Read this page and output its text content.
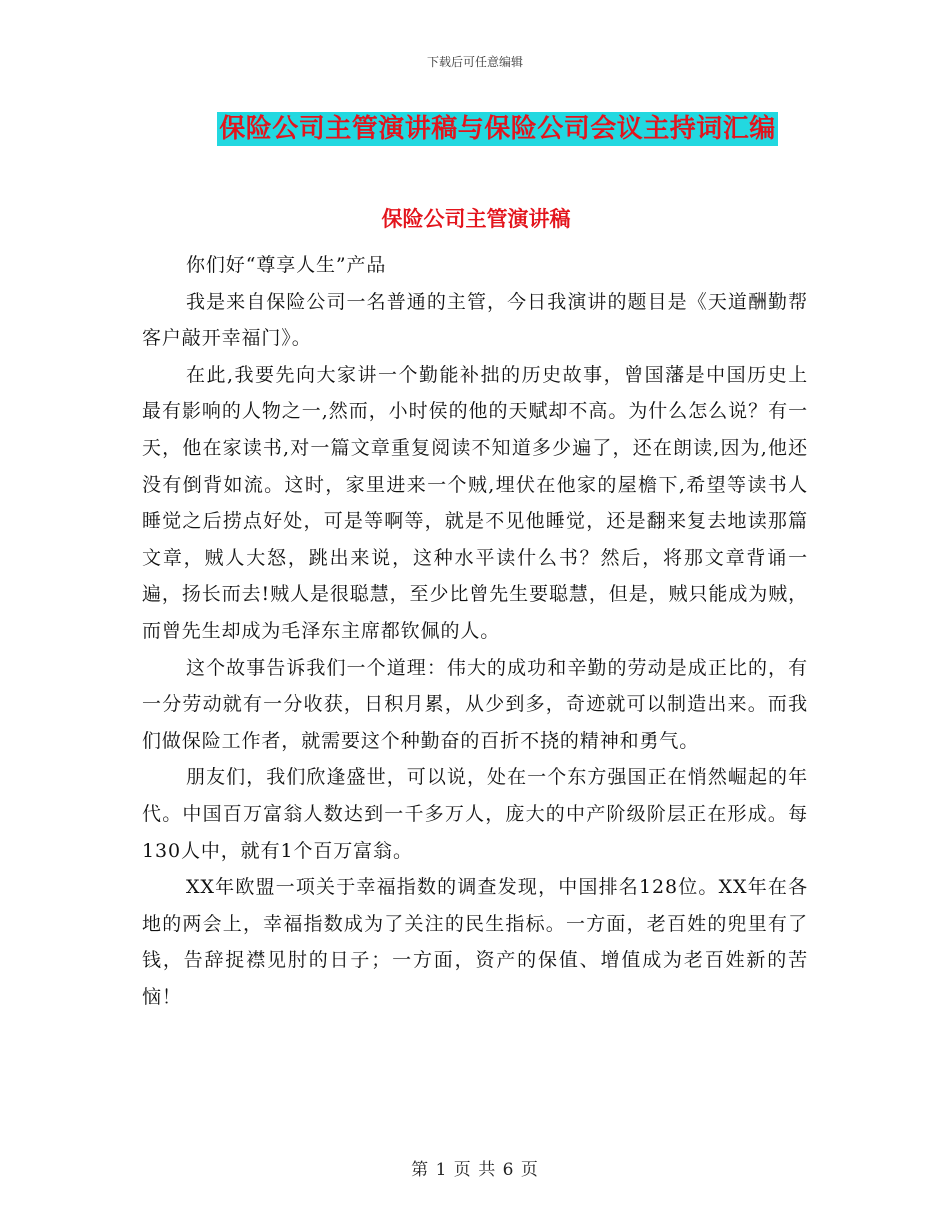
下载后可任意编辑
保险公司主管演讲稿与保险公司会议主持词汇编
保险公司主管演讲稿

你们好“尊享人生”产品

我是来自保险公司一名普通的主管，今日我演讲的题目是《天道酬勤帮客户敲开幸福门》。

在此,我要先向大家讲一个勤能补拙的历史故事，曾国藩是中国历史上最有影响的人物之一,然而，小时侯的他的天赋却不高。为什么怎么说？有一天，他在家读书,对一篇文章重复阅读不知道多少遍了，还在朗读,因为,他还没有倒背如流。这时，家里进来一个贼,埋伏在他家的屋檐下,希望等读书人睡觉之后捞点好处，可是等啊等，就是不见他睡觉，还是翻来复去地读那篇文章，贼人大怒，跳出来说，这种水平读什么书？然后，将那文章背诵一遍，扬长而去!贼人是很聪慧，至少比曾先生要聪慧，但是，贼只能成为贼，而曾先生却成为毛泽东主席都钦佩的人。

这个故事告诉我们一个道理：伟大的成功和辛勤的劳动是成正比的，有一分劳动就有一分收获，日积月累，从少到多，奇迹就可以制造出来。而我们做保险工作者，就需要这个种勤奋的百折不挠的精神和勇气。

朋友们，我们欣逢盛世，可以说，处在一个东方强国正在悄然崛起的年代。中国百万富翁人数达到一千多万人，庞大的中产阶级阶层正在形成。每130人中，就有1个百万富翁。

XX年欧盟一项关于幸福指数的调查发现，中国排名128位。XX年在各地的两会上，幸福指数成为了关注的民生指标。一方面，老百姓的兜里有了钱，告辞捉襟见肘的日子；一方面，资产的保值、增值成为老百姓新的苦恼！

第 1 页 共 6 页
